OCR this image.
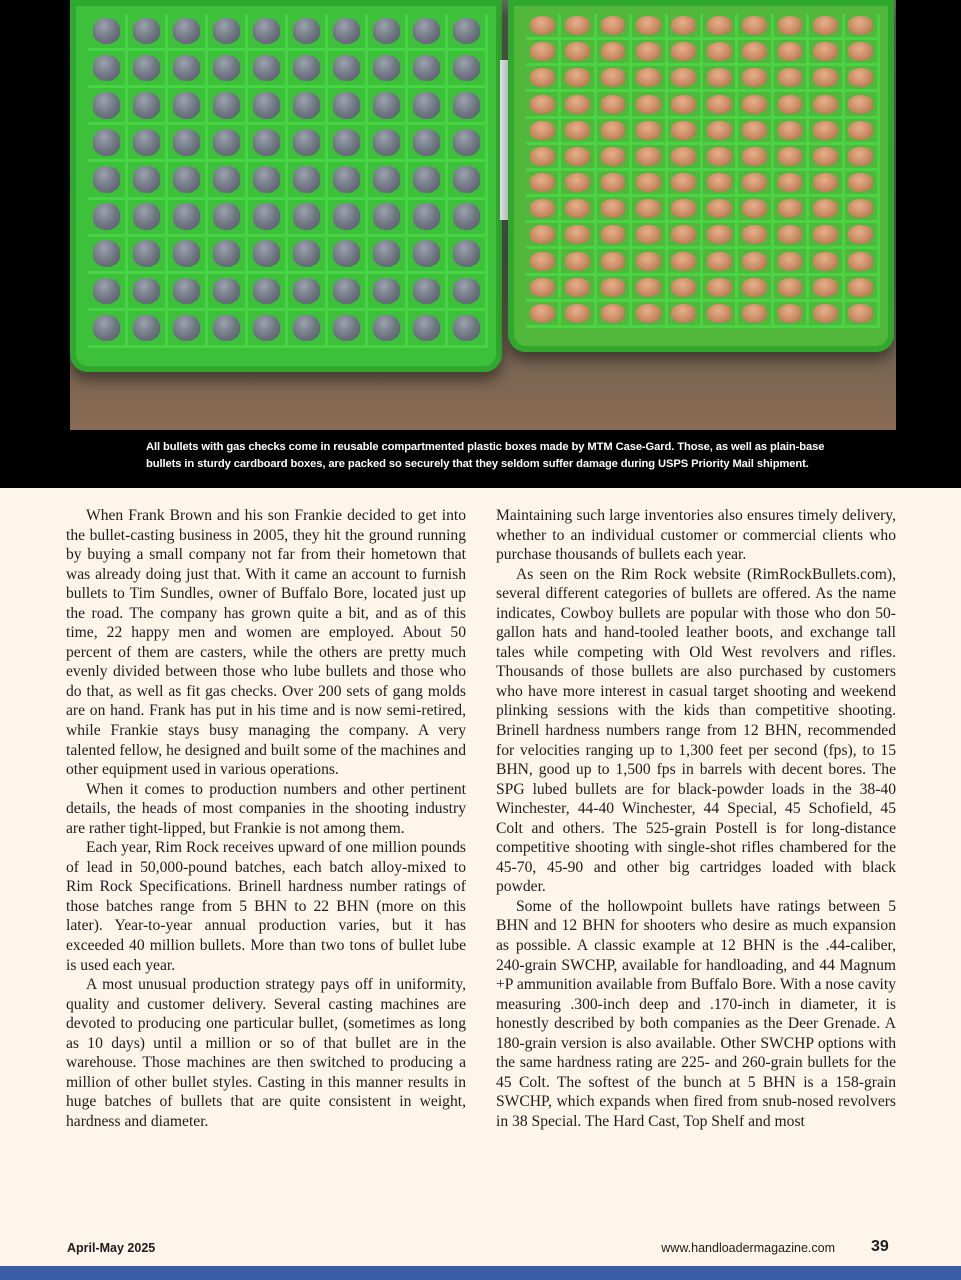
All bullets with gas checks come in reusable compartmented plastic boxes made by MTM Case-Gard. Those, as well as plain-base
bullets in sturdy cardboard boxes, are packed so securely that they seldom suffer damage during USPS Priority Mail shipment.

When Frank Brown and his son Frankie decided to get into the bullet-casting business in 2005, they hit the ground running by buying a small company not far from their hometown that was already doing just that. With it came an account to furnish bullets to Tim Sundles, owner of Buffalo Bore, located just up the road. The company has grown quite a bit, and as of this time, 22 happy men and women are employed. About 50 percent of them are casters, while the others are pretty much evenly divided between those who lube bullets and those who do that, as well as fit gas checks. Over 200 sets of gang molds are on hand. Frank has put in his time and is now semi-retired, while Frankie stays busy managing the company. A very talented fellow, he designed and built some of the machines and other equipment used in various operations.

When it comes to production numbers and other pertinent details, the heads of most companies in the shooting industry are rather tight-lipped, but Frankie is not among them.

Each year, Rim Rock receives upward of one million pounds of lead in 50,000-pound batches, each batch alloy-mixed to Rim Rock Specifications. Brinell hardness number ratings of those batches range from 5 BHN to 22 BHN (more on this later). Year-to-year annual production varies, but it has exceeded 40 million bullets. More than two tons of bullet lube is used each year.

A most unusual production strategy pays off in uniformity, quality and customer delivery. Several casting machines are devoted to producing one particular bullet, (sometimes as long as 10 days) until a million or so of that bullet are in the warehouse. Those machines are then switched to producing a million of other bullet styles. Casting in this manner results in huge batches of bullets that are quite consistent in weight, hardness and diameter.

Maintaining such large inventories also ensures timely delivery, whether to an individual customer or commercial clients who purchase thousands of bullets each year.

As seen on the Rim Rock website (RimRockBullets.com), several different categories of bullets are offered. As the name indicates, Cowboy bullets are popular with those who don 50-gallon hats and hand-tooled leather boots, and exchange tall tales while competing with Old West revolvers and rifles. Thousands of those bullets are also purchased by customers who have more interest in casual target shooting and weekend plinking sessions with the kids than competitive shooting. Brinell hardness numbers range from 12 BHN, recommended for velocities ranging up to 1,300 feet per second (fps), to 15 BHN, good up to 1,500 fps in barrels with decent bores. The SPG lubed bullets are for black-powder loads in the 38-40 Winchester, 44-40 Winchester, 44 Special, 45 Schofield, 45 Colt and others. The 525-grain Postell is for long-distance competitive shooting with single-shot rifles chambered for the 45-70, 45-90 and other big cartridges loaded with black powder.

Some of the hollowpoint bullets have ratings between 5 BHN and 12 BHN for shooters who desire as much expansion as possible. A classic example at 12 BHN is the .44-caliber, 240-grain SWCHP, available for handloading, and 44 Magnum +P ammunition available from Buffalo Bore. With a nose cavity measuring .300-inch deep and .170-inch in diameter, it is honestly described by both companies as the Deer Grenade. A 180-grain version is also available. Other SWCHP options with the same hardness rating are 225- and 260-grain bullets for the 45 Colt. The softest of the bunch at 5 BHN is a 158-grain SWCHP, which expands when fired from snub-nosed revolvers in 38 Special. The Hard Cast, Top Shelf and most

April-May 2025	www.handloadermagazine.com 39
